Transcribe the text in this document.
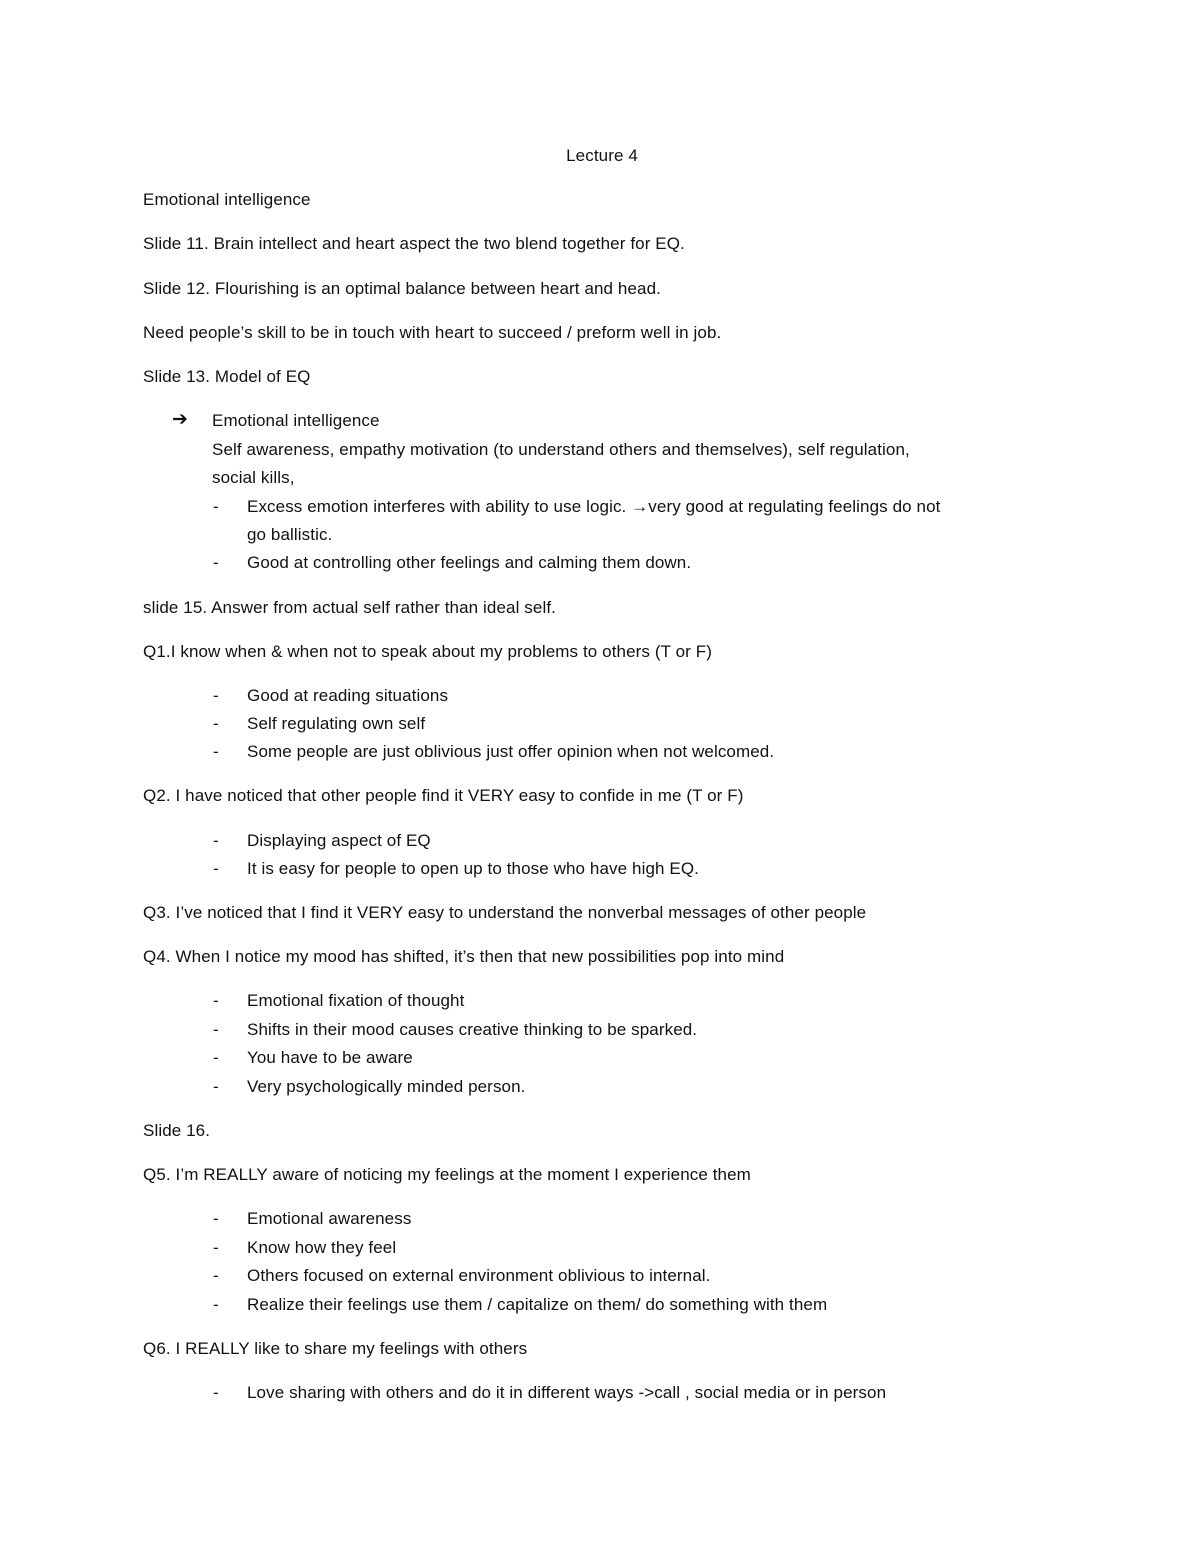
Lecture 4
Emotional intelligence
Slide 11. Brain intellect and heart aspect the two blend together for EQ.
Slide 12. Flourishing is an optimal balance between heart and head.
Need people’s skill to be in touch with heart to succeed / preform well in job.
Slide 13. Model of EQ
➔ Emotional intelligence
Self awareness, empathy motivation (to understand others and themselves), self regulation,
social kills,
- Excess emotion interferes with ability to use logic. →very good at regulating feelings do not
go ballistic.
- Good at controlling other feelings and calming them down.
slide 15. Answer from actual self rather than ideal self.
Q1.I know when & when not to speak about my problems to others (T or F)
- Good at reading situations
- Self regulating own self
- Some people are just oblivious just offer opinion when not welcomed.
Q2. I have noticed that other people find it VERY easy to confide in me (T or F)
- Displaying aspect of EQ
- It is easy for people to open up to those who have high EQ.
Q3. I’ve noticed that I find it VERY easy to understand the nonverbal messages of other people
Q4. When I notice my mood has shifted, it’s then that new possibilities pop into mind
- Emotional fixation of thought
- Shifts in their mood causes creative thinking to be sparked.
- You have to be aware
- Very psychologically minded person.
Slide 16.
Q5. I’m REALLY aware of noticing my feelings at the moment I experience them
- Emotional awareness
- Know how they feel
- Others focused on external environment oblivious to internal.
- Realize their feelings use them / capitalize on them/ do something with them
Q6. I REALLY like to share my feelings with others
- Love sharing with others and do it in different ways ->call , social media or in person
